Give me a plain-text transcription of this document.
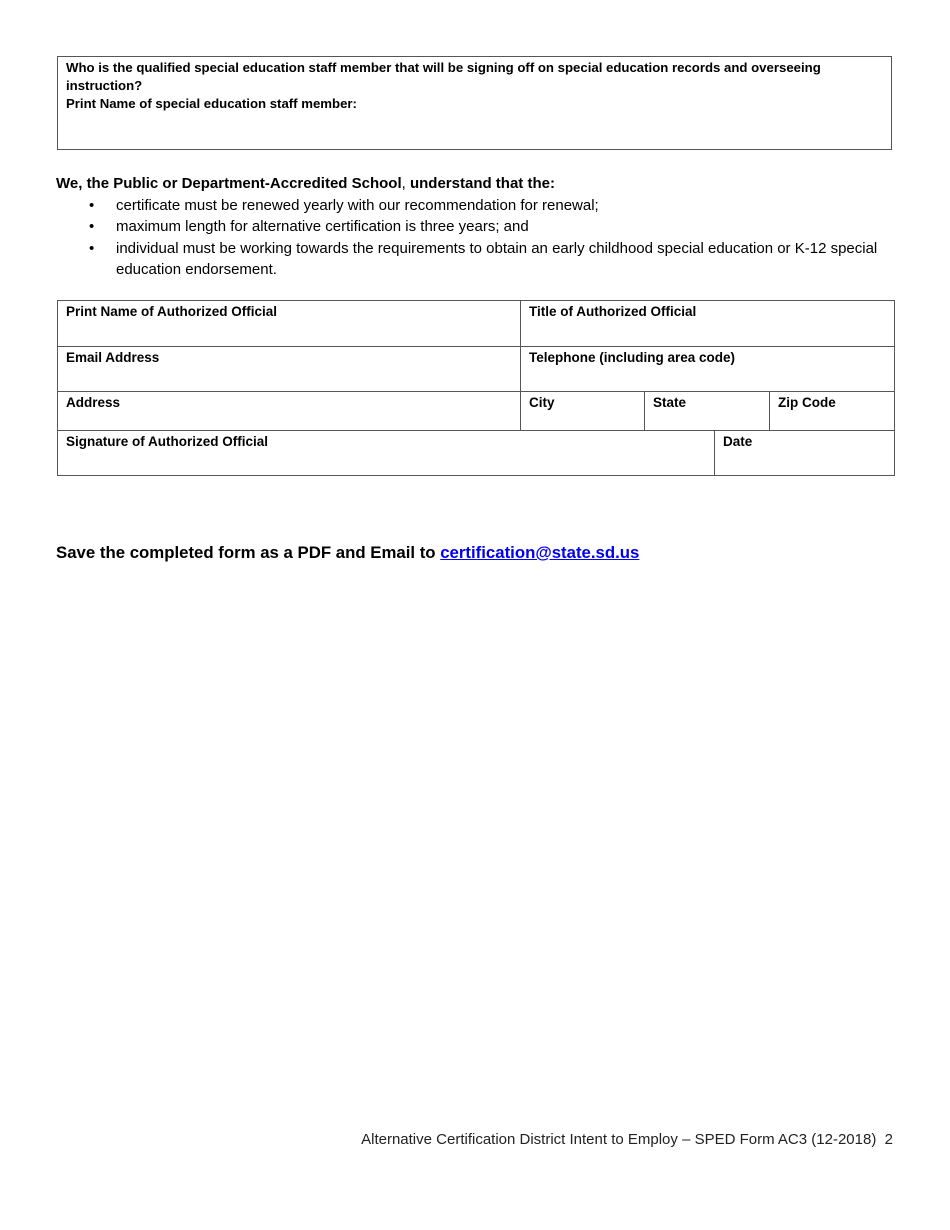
Who is the qualified special education staff member that will be signing off on special education records and overseeing instruction?
Print Name of special education staff member:
We, the Public or Department-Accredited School, understand that the:
•	certificate must be renewed yearly with our recommendation for renewal;
•	maximum length for alternative certification is three years; and
•	individual must be working towards the requirements to obtain an early childhood special education or K-12 special education endorsement.
Print Name of Authorized Official	Title of Authorized Official			
Email Address	Telephone (including area code)			
Address	City	State		Zip Code
Signature of Authorized Official			Date	
Save the completed form as a PDF and Email to certification@state.sd.us
Alternative Certification District Intent to Employ – SPED Form AC3 (12-2018) 2
